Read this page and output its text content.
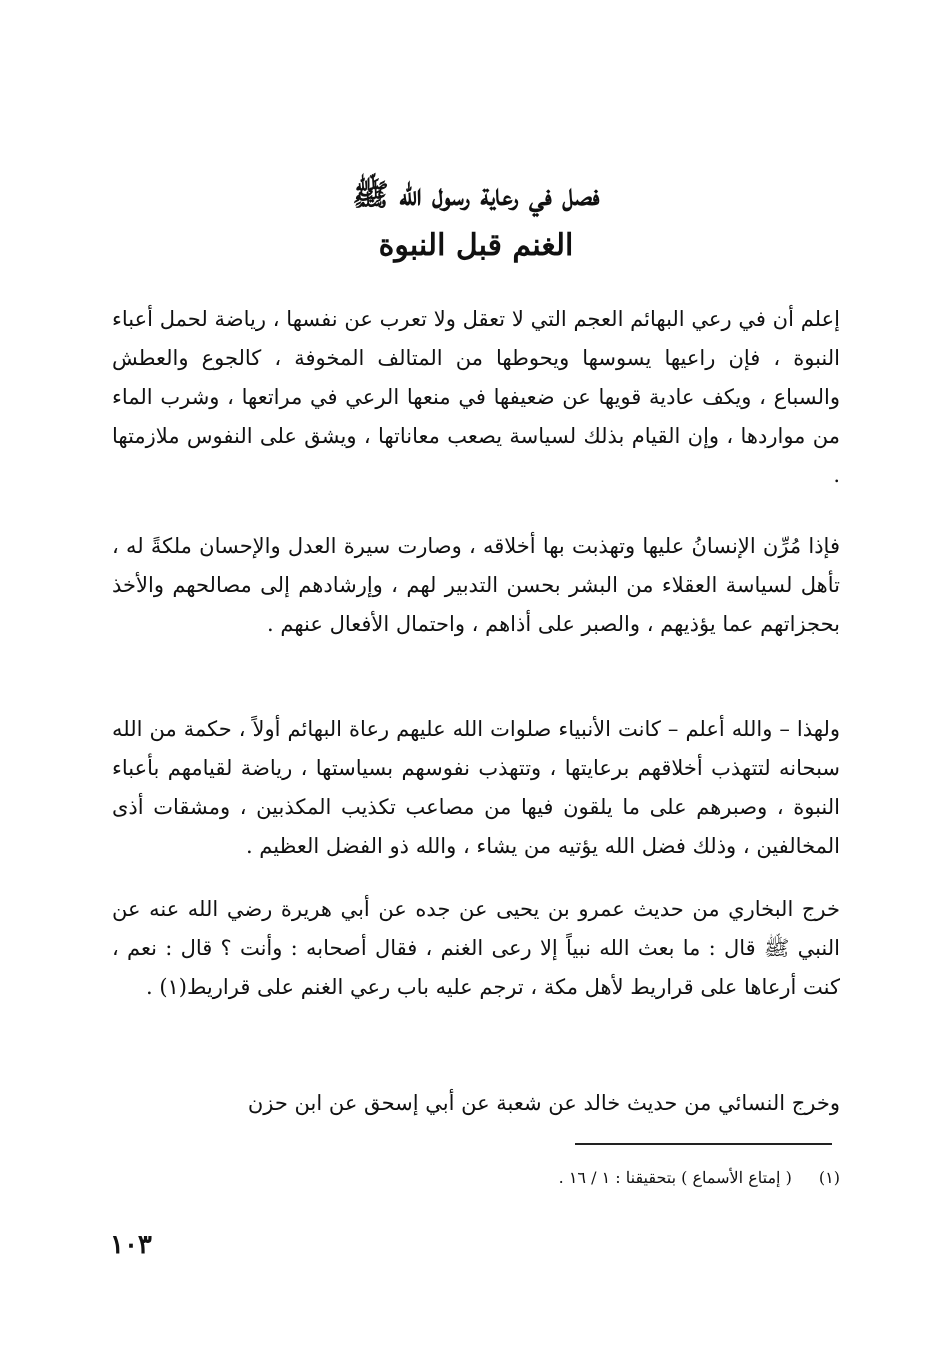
فصل في رعاية رسول الله ﷺ
الغنم قبل النبوة

إعلم أن في رعي البهائم العجم التي لا تعقل ولا تعرب عن نفسها ، رياضة لحمل أعباء النبوة ، فإن راعيها يسوسها ويحوطها من المتالف المخوفة ، كالجوع والعطش والسباع ، ويكف عادية قويها عن ضعيفها في منعها الرعي في مراتعها ، وشرب الماء من مواردها ، وإن القيام بذلك لسياسة يصعب معاناتها ، ويشق على النفوس ملازمتها .

فإذا مُرِّن الإنسانُ عليها وتهذبت بها أخلاقه ، وصارت سيرة العدل والإحسان ملكةً له ، تأهل لسياسة العقلاء من البشر بحسن التدبير لهم ، وإرشادهم إلى مصالحهم والأخذ بحجزاتهم عما يؤذيهم ، والصبر على أذاهم ، واحتمال الأفعال عنهم .

ولهذا – والله أعلم – كانت الأنبياء صلوات الله عليهم رعاة البهائم أولاً ، حكمة من الله سبحانه لتتهذب أخلاقهم برعايتها ، وتتهذب نفوسهم بسياستها ، رياضة لقيامهم بأعباء النبوة ، وصبرهم على ما يلقون فيها من مصاعب تكذيب المكذبين ، ومشقات أذى المخالفين ، وذلك فضل الله يؤتيه من يشاء ، والله ذو الفضل العظيم .

خرج البخاري من حديث عمرو بن يحيى عن جده عن أبي هريرة رضي الله عنه عن النبي ﷺ قال : ما بعث الله نبياً إلا رعى الغنم ، فقال أصحابه : وأنت ؟ قال : نعم ، كنت أرعاها على قراريط لأهل مكة ، ترجم عليه باب رعي الغنم على قراريط(١) .

وخرج النسائي من حديث خالد عن شعبة عن أبي إسحق عن ابن حزن

(١) ( إمتاع الأسماع ) بتحقيقنا : ١ / ١٦ .

١٠٣
